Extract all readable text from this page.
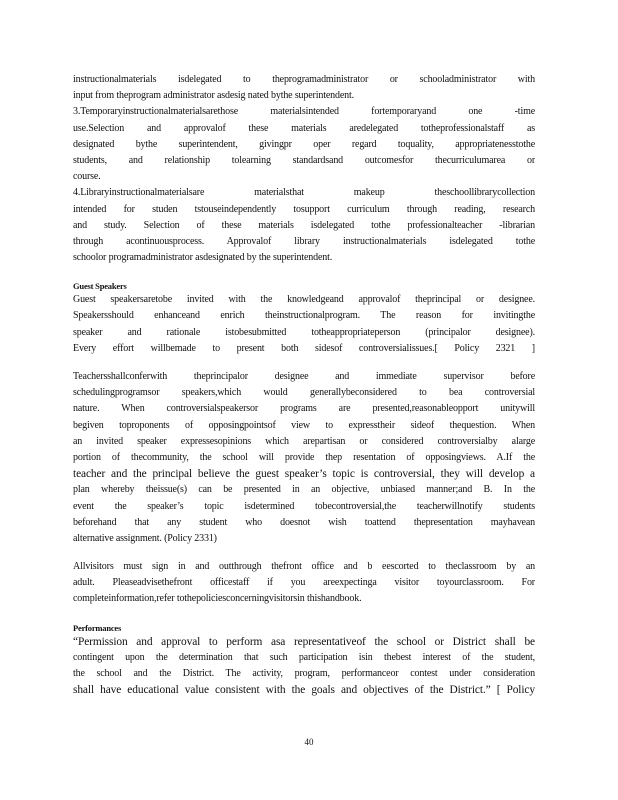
instructionalmaterials isdelegated to theprogramadministrator or schooladministrator with
input from theprogram administrator asdesig nated bythe superintendent.
3.Temporaryinstructionalmaterialsarethose materialsintended fortemporaryand one -time
use.Selection and approvalof these materials aredelegated totheprofessionalstaff as
designated bythe superintendent, givingpr oper regard toquality, appropriatenesstothe
students, and relationship tolearning standardsand outcomesfor thecurriculumarea or
course.
4.Libraryinstructionalmaterialsare materialsthat makeup theschoollibrarycollection
intended for studen tstouseindependently tosupport curriculum through reading, research
and study. Selection of these materials isdelegated tothe professionalteacher -librarian
through acontinuousprocess. Approvalof library instructionalmaterials isdelegated tothe
schoolor programadministrator asdesignated by the superintendent.
Guest Speakers
Guest speakersaretobe invited with the knowledgeand approvalof theprincipal or designee.
Speakersshould enhanceand enrich theinstructionalprogram. The reason for invitingthe
speaker and rationale istobesubmitted totheappropriateperson (principalor designee).
Every effort willbemade to present both sidesof controversialissues.[ Policy 2321 ]
Teachersshallconferwith theprincipalor designee and immediate supervisor before
schedulingprogramsor speakers,which would generallybeconsidered to bea controversial
nature. When controversialspeakersor programs are presented,reasonableopport unitywill
begiven toproponents of opposingpointsof view to expresstheir sideof thequestion. When
an invited speaker expressesopinions which arepartisan or considered controversialby alarge
portion of thecommunity, the school will provide thep resentation of opposingviews. A.If the
teacher and the principal believe the guest speaker’s topic is controversial, they will develop a
plan whereby theissue(s) can be presented in an objective, unbiased manner;and B. In the
event the speaker’s topic isdetermined tobecontroversial,the teacherwillnotify students
beforehand that any student who doesnot wish toattend thepresentation mayhavean
alternative assignment. (Policy 2331)
Allvisitors must sign in and outthrough thefront office and b eescorted to theclassroom by an
adult. Pleaseadvisethefront officestaff if you areexpectinga visitor toyourclassroom. For
completeinformation,refer tothepoliciesconcerningvisitorsin thishandbook.
Performances
“Permission and approval to perform asa representativeof the school or District shall be
contingent upon the determination that such participation isin thebest interest of the student,
the school and the District. The activity, program, performanceor contest under consideration
shall have educational value consistent with the goals and objectives of the District.” [ Policy
40
